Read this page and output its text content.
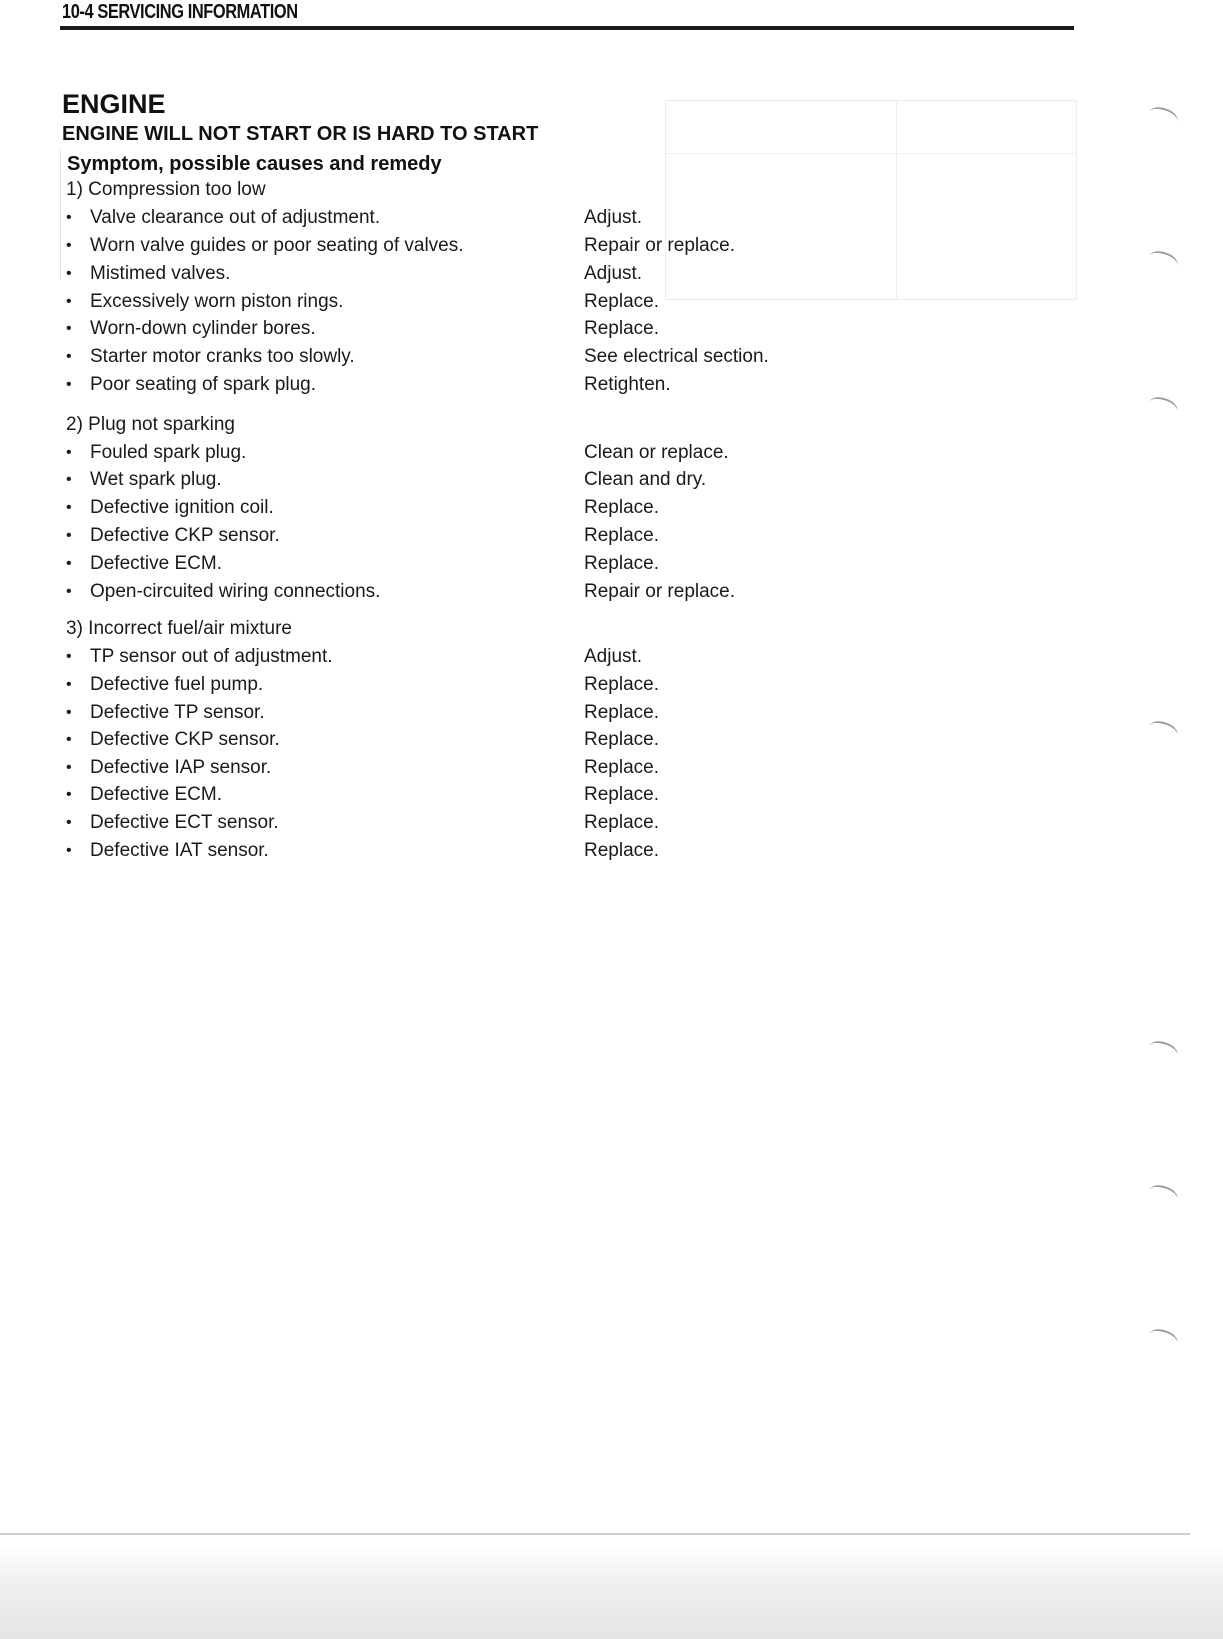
10-4 SERVICING INFORMATION
ENGINE
ENGINE WILL NOT START OR IS HARD TO START
Symptom, possible causes and remedy
1) Compression too low
• Valve clearance out of adjustment.	Adjust.
• Worn valve guides or poor seating of valves.	Repair or replace.
• Mistimed valves.	Adjust.
• Excessively worn piston rings.	Replace.
• Worn-down cylinder bores.	Replace.
• Starter motor cranks too slowly.	See electrical section.
• Poor seating of spark plug.	Retighten.
2) Plug not sparking
• Fouled spark plug.	Clean or replace.
• Wet spark plug.	Clean and dry.
• Defective ignition coil.	Replace.
• Defective CKP sensor.	Replace.
• Defective ECM.	Replace.
• Open-circuited wiring connections.	Repair or replace.
3) Incorrect fuel/air mixture
• TP sensor out of adjustment.	Adjust.
• Defective fuel pump.	Replace.
• Defective TP sensor.	Replace.
• Defective CKP sensor.	Replace.
• Defective IAP sensor.	Replace.
• Defective ECM.	Replace.
• Defective ECT sensor.	Replace.
• Defective IAT sensor.	Replace.
